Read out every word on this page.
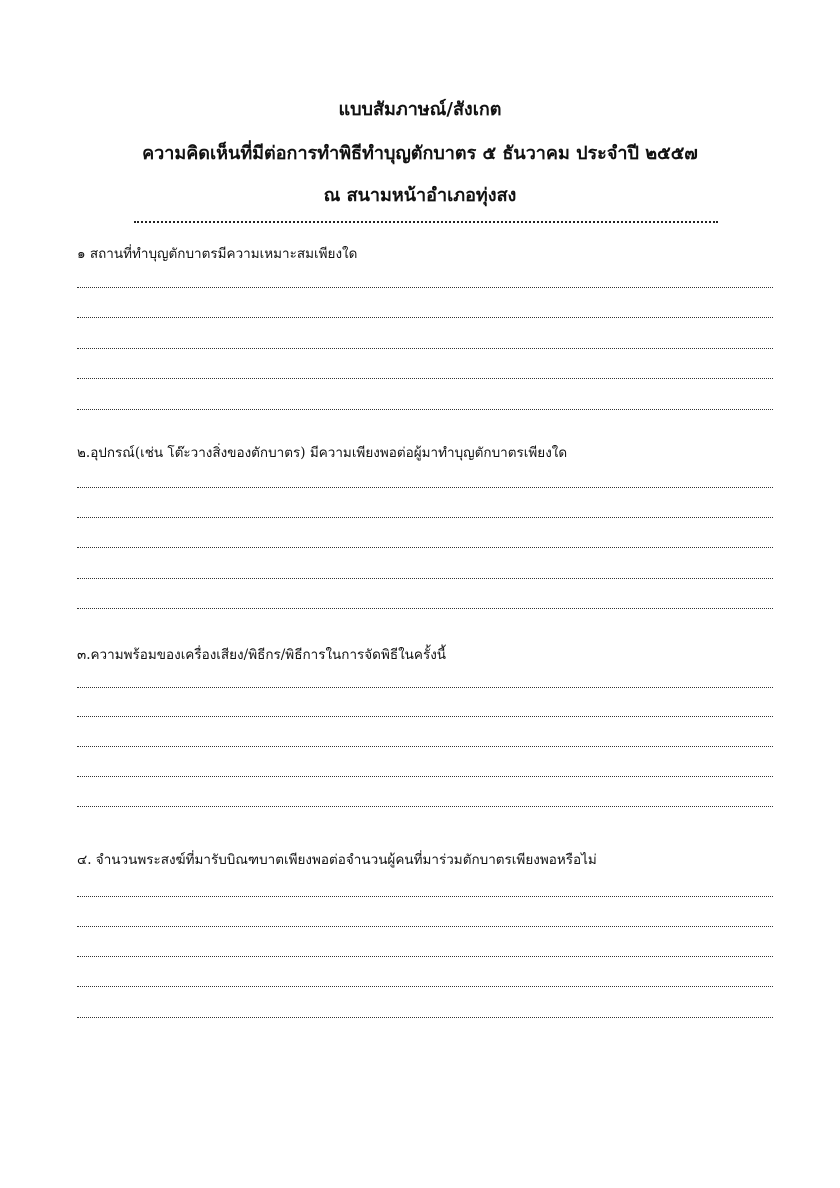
แบบสัมภาษณ์/สังเกต
ความคิดเห็นที่มีต่อการทำพิธีทำบุญตักบาตร ๕ ธันวาคม ประจำปี ๒๕๕๗
ณ สนามหน้าอำเภอทุ่งสง
๑ สถานที่ทำบุญตักบาตรมีความเหมาะสมเพียงใด
๒.อุปกรณ์(เช่น โต๊ะวางสิ่งของตักบาตร) มีความเพียงพอต่อผู้มาทำบุญตักบาตรเพียงใด
๓.ความพร้อมของเครื่องเสียง/พิธีกร/พิธีการในการจัดพิธีในครั้งนี้
๔. จำนวนพระสงฆ์ที่มารับบิณฑบาตเพียงพอต่อจำนวนผู้คนที่มาร่วมตักบาตรเพียงพอหรือไม่
